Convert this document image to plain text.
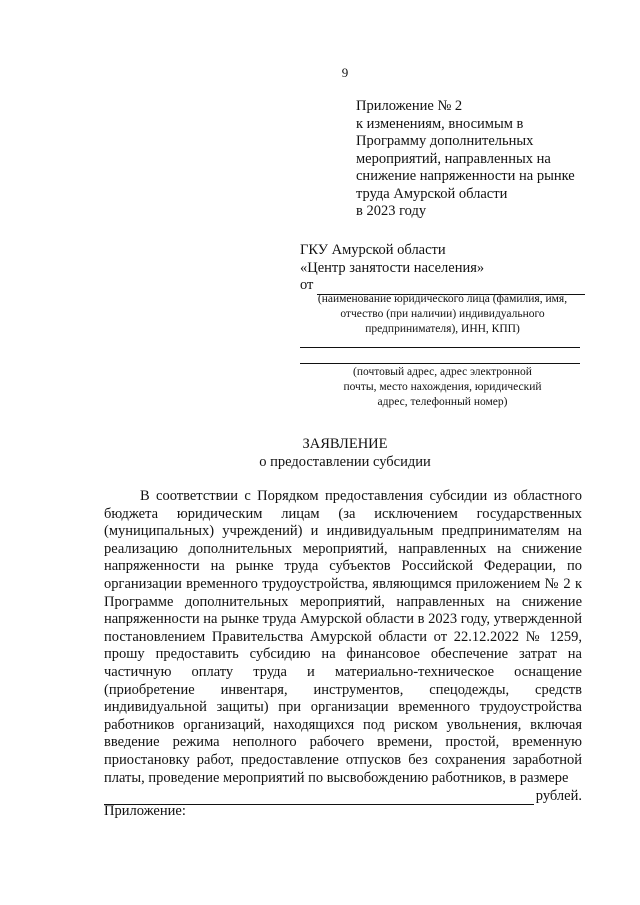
9
Приложение № 2
к изменениям, вносимым в
Программу дополнительных
мероприятий, направленных на
снижение напряженности на рынке
труда Амурской области
в 2023 году
ГКУ Амурской области
«Центр занятости населения»
от
(наименование юридического лица (фамилия, имя,
отчество (при наличии) индивидуального
предпринимателя), ИНН, КПП)
(почтовый адрес, адрес электронной
почты, место нахождения, юридический
адрес, телефонный номер)
ЗАЯВЛЕНИЕ
о предоставлении субсидии
В соответствии с Порядком предоставления субсидии из областного
бюджета юридическим лицам (за исключением государственных
(муниципальных) учреждений) и индивидуальным предпринимателям на
реализацию дополнительных мероприятий, направленных на снижение
напряженности на рынке труда субъектов Российской Федерации, по
организации временного трудоустройства, являющимся приложением № 2 к
Программе дополнительных мероприятий, направленных на снижение
напряженности на рынке труда Амурской области в 2023 году, утвержденной
постановлением Правительства Амурской области от 22.12.2022 № 1259,
прошу предоставить субсидию на финансовое обеспечение затрат на
частичную оплату труда и материально-техническое оснащение
(приобретение инвентаря, инструментов, спецодежды, средств
индивидуальной защиты) при организации временного трудоустройства
работников организаций, находящихся под риском увольнения, включая
введение режима неполного рабочего времени, простой, временную
приостановку работ, предоставление отпусков без сохранения заработной
платы, проведение мероприятий по высвобождению работников, в размере
рублей.
Приложение:
